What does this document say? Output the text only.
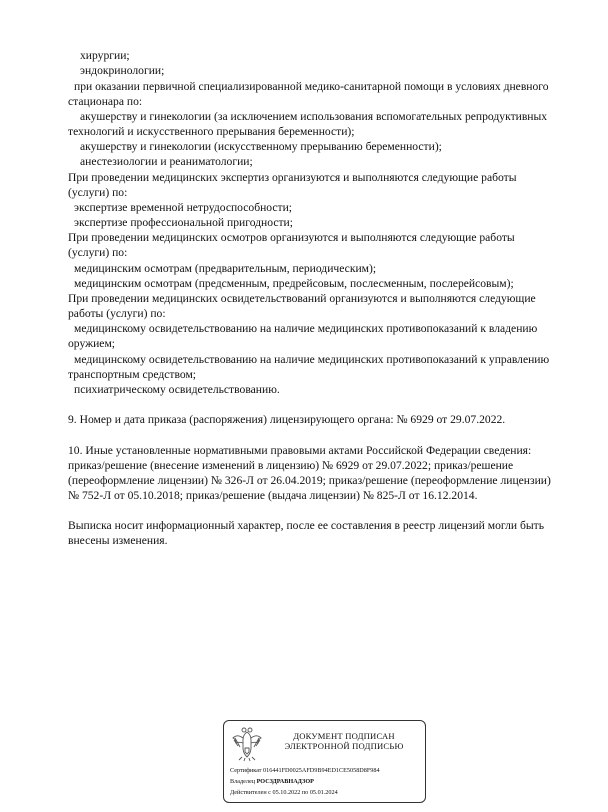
хирургии;
эндокринологии;
при оказании первичной специализированной медико-санитарной помощи в условиях дневного
стационара по:
акушерству и гинекологии (за исключением использования вспомогательных репродуктивных
технологий и искусственного прерывания беременности);
акушерству и гинекологии (искусственному прерыванию беременности);
анестезиологии и реаниматологии;
При проведении медицинских экспертиз организуются и выполняются следующие работы
(услуги) по:
экспертизе временной нетрудоспособности;
экспертизе профессиональной пригодности;
При проведении медицинских осмотров организуются и выполняются следующие работы
(услуги) по:
медицинским осмотрам (предварительным, периодическим);
медицинским осмотрам (предсменным, предрейсовым, послесменным, послерейсовым);
При проведении медицинских освидетельствований организуются и выполняются следующие
работы (услуги) по:
медицинскому освидетельствованию на наличие медицинских противопоказаний к владению
оружием;
медицинскому освидетельствованию на наличие медицинских противопоказаний к управлению
транспортным средством;
психиатрическому освидетельствованию.
9. Номер и дата приказа (распоряжения) лицензирующего органа: № 6929 от 29.07.2022.
10. Иные установленные нормативными правовыми актами Российской Федерации сведения:
приказ/решение (внесение изменений в лицензию) № 6929 от 29.07.2022; приказ/решение
(переоформление лицензии) № 326-Л от 26.04.2019; приказ/решение (переоформление лицензии)
№ 752-Л от 05.10.2018; приказ/решение (выдача лицензии) № 825-Л от 16.12.2014.
Выписка носит информационный характер, после ее составления в реестр лицензий могли быть
внесены изменения.
ДОКУМЕНТ ПОДПИСАН
ЭЛЕКТРОННОЙ ПОДПИСЬЮ
Сертификат 016441FD0025AFD9B94ED1CE5058D8F984
Владелец РОСЗДРАВНАДЗОР
Действителен с 05.10.2022 по 05.01.2024
